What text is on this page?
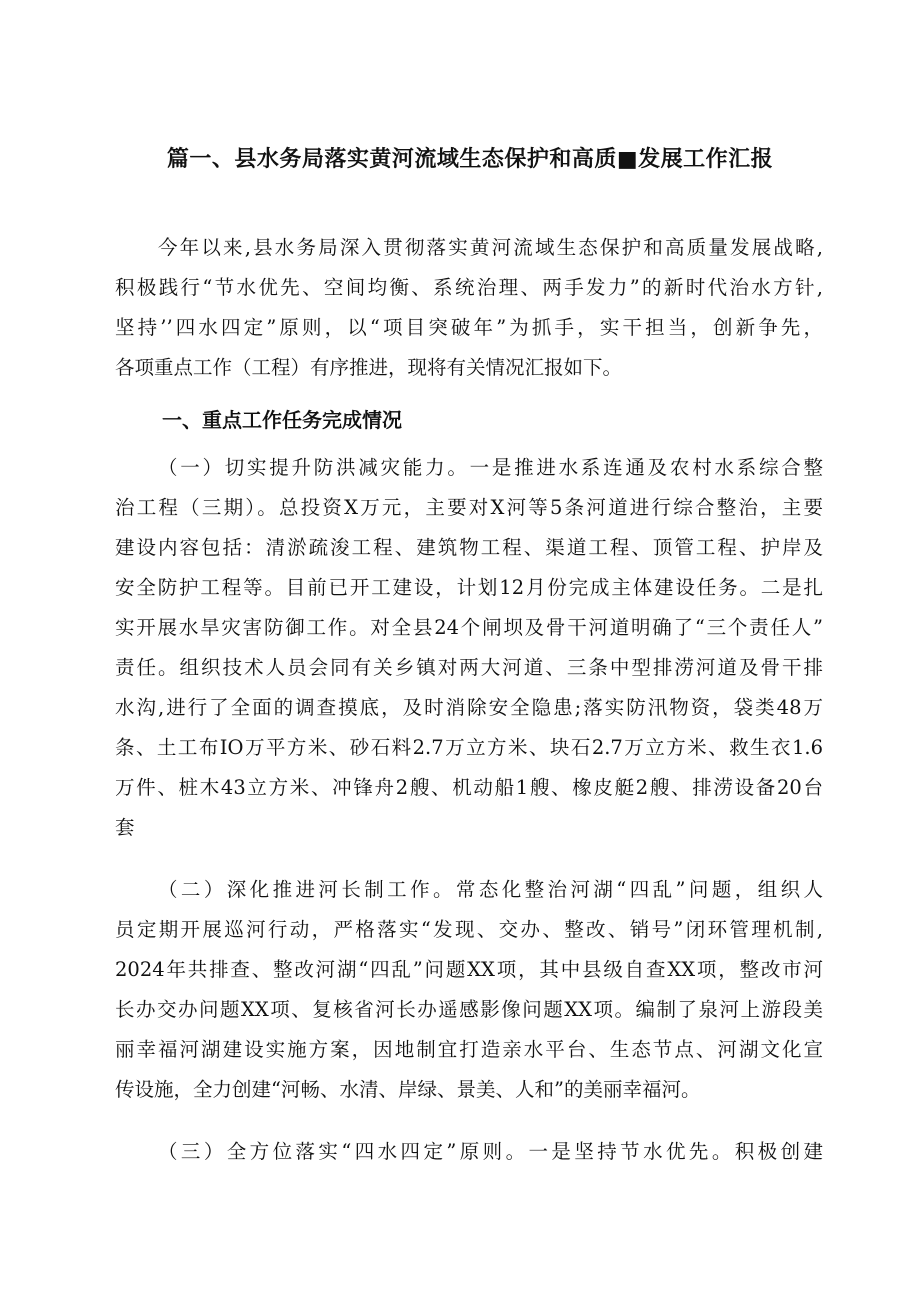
篇一、县水务局落实黄河流域生态保护和高质■发展工作汇报
今年以来,县水务局深入贯彻落实黄河流域生态保护和高质量发展战略,
积极践行“节水优先、空间均衡、系统治理、两手发力”的新时代治水方针,
坚持’’四水四定”原则，以“项目突破年”为抓手，实干担当，创新争先，
各项重点工作（工程）有序推进，现将有关情况汇报如下。
一、重点工作任务完成情况
（一）切实提升防洪减灾能力。一是推进水系连通及农村水系综合整
治工程（三期）。总投资X万元，主要对X河等5条河道进行综合整治，主要
建设内容包括：清淤疏浚工程、建筑物工程、渠道工程、顶管工程、护岸及
安全防护工程等。目前已开工建设，计划12月份完成主体建设任务。二是扎
实开展水旱灾害防御工作。对全县24个闸坝及骨干河道明确了“三个责任人”
责任。组织技术人员会同有关乡镇对两大河道、三条中型排涝河道及骨干排
水沟,进行了全面的调查摸底，及时消除安全隐患;落实防汛物资，袋类48万
条、土工布IO万平方米、砂石料2.7万立方米、块石2.7万立方米、救生衣1.6
万件、桩木43立方米、冲锋舟2艘、机动船1艘、橡皮艇2艘、排涝设备20台
套
（二）深化推进河长制工作。常态化整治河湖“四乱”问题，组织人
员定期开展巡河行动，严格落实“发现、交办、整改、销号”闭环管理机制,
2024年共排查、整改河湖“四乱”问题XX项，其中县级自查XX项，整改市河
长办交办问题XX项、复核省河长办遥感影像问题XX项。编制了泉河上游段美
丽幸福河湖建设实施方案，因地制宜打造亲水平台、生态节点、河湖文化宣
传设施，全力创建“河畅、水清、岸绿、景美、人和”的美丽幸福河。
（三）全方位落实“四水四定”原则。一是坚持节水优先。积极创建
